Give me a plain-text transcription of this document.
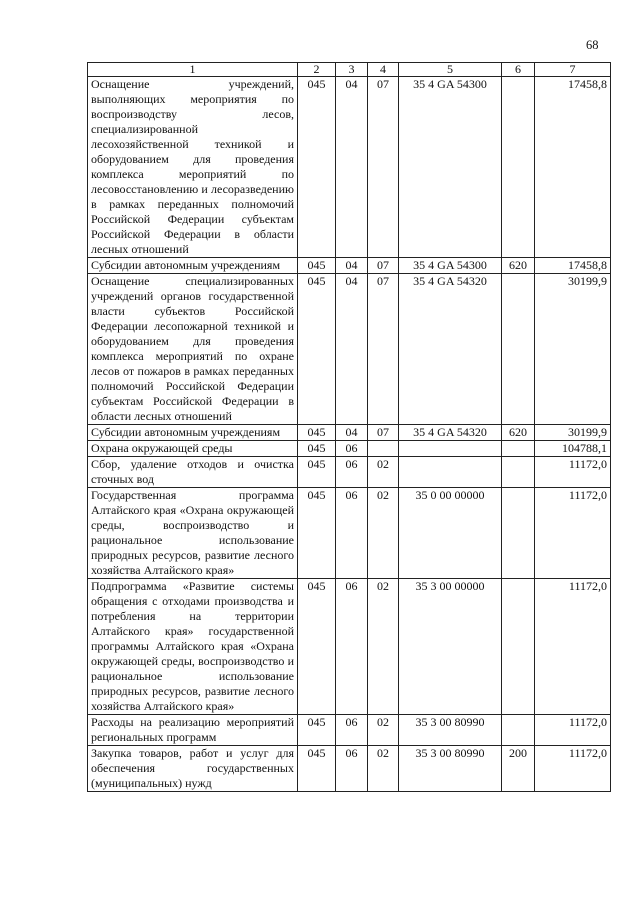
68
1	2	3	4	5	6	7
Оснащение учреждений, выполняющих мероприятия по воспроизводству лесов, специализированной лесохозяйственной техникой и оборудованием для проведения комплекса мероприятий по лесовосстановлению и лесоразведению в рамках переданных полномочий Российской Федерации субъектам Российской Федерации в области лесных отношений	045	04	07	35 4 GA 54300		17458,8
Субсидии автономным учреждениям	045	04	07	35 4 GA 54300	620	17458,8
Оснащение специализированных учреждений органов государственной власти субъектов Российской Федерации лесопожарной техникой и оборудованием для проведения комплекса мероприятий по охране лесов от пожаров в рамках переданных полномочий Российской Федерации субъектам Российской Федерации в области лесных отношений	045	04	07	35 4 GA 54320		30199,9
Субсидии автономным учреждениям	045	04	07	35 4 GA 54320	620	30199,9
Охрана окружающей среды	045	06				104788,1
Сбор, удаление отходов и очистка сточных вод	045	06	02			11172,0
Государственная программа Алтайского края «Охрана окружающей среды, воспроизводство и рациональное использование природных ресурсов, развитие лесного хозяйства Алтайского края»	045	06	02	35 0 00 00000		11172,0
Подпрограмма «Развитие системы обращения с отходами производства и потребления на территории Алтайского края» государственной программы Алтайского края «Охрана окружающей среды, воспроизводство и рациональное использование природных ресурсов, развитие лесного хозяйства Алтайского края»	045	06	02	35 3 00 00000		11172,0
Расходы на реализацию мероприятий региональных программ	045	06	02	35 3 00 80990		11172,0
Закупка товаров, работ и услуг для обеспечения государственных (муниципальных) нужд	045	06	02	35 3 00 80990	200	11172,0
